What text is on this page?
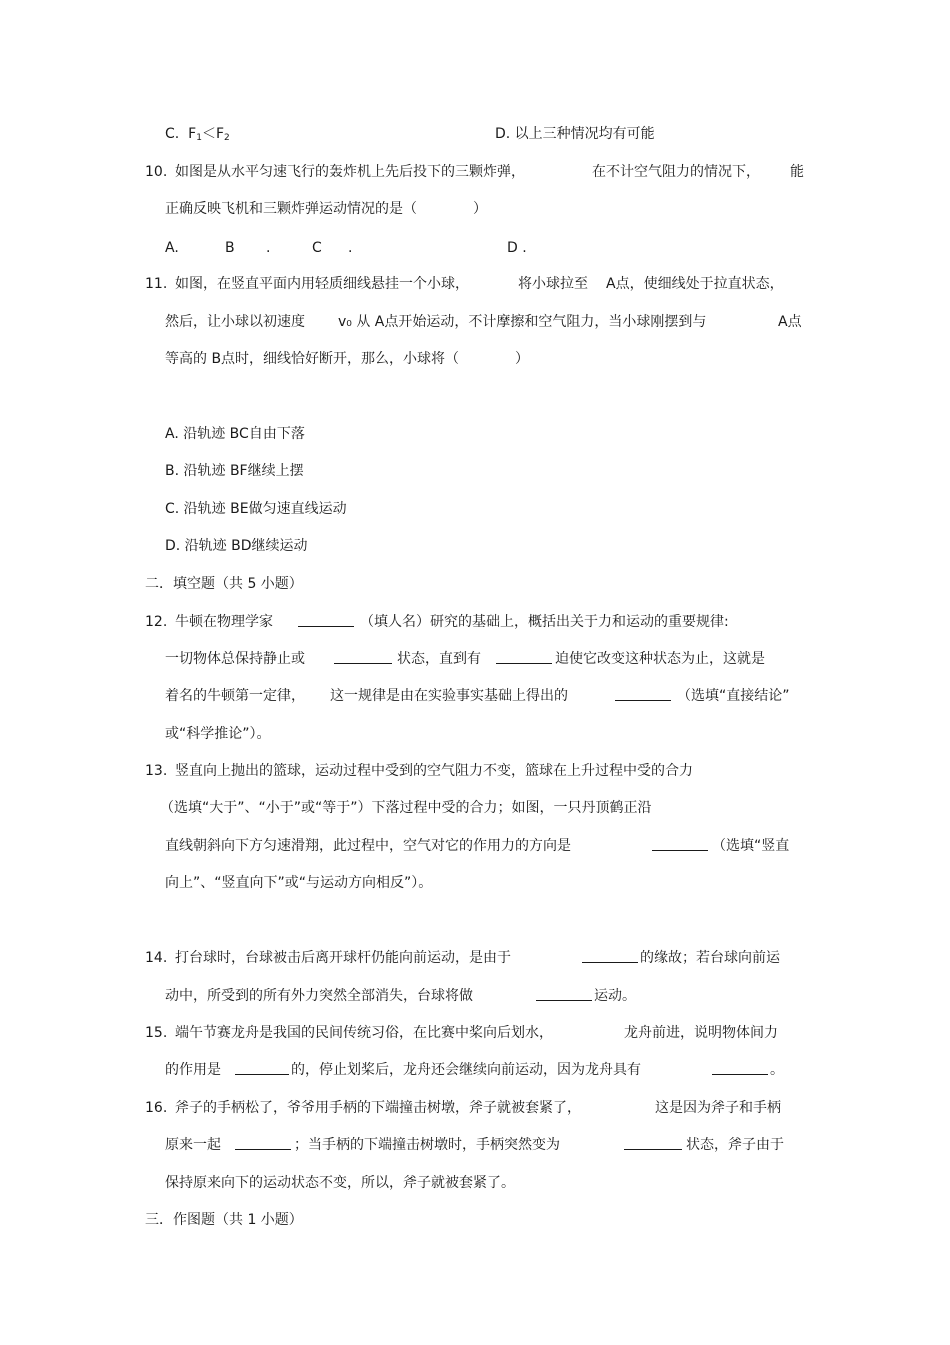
C. $F_1<F_2$	D. 以上三种情况均有可能
10. 如图是从水平匀速飞行的轰炸机上先后投下的三颗炸弹，	在不计空气阻力的情况下， 能
正确反映飞机和三颗炸弹运动情况的是（　　　　）
A.	B .	C .	D .
11. 如图，在竖直平面内用轻质细线悬挂一个小球，	将小球拉至 A点，使细线处于拉直状态，
然后，让小球以初速度 v₀ 从 A点开始运动，不计摩擦和空气阻力，当小球刚摆到与	A点
等高的 B点时，细线恰好断开，那么，小球将（　　　　）
A. 沿轨迹 BC自由下落
B. 沿轨迹 BF继续上摆
C. 沿轨迹 BE做匀速直线运动
D. 沿轨迹 BD继续运动
二．填空题（共 5 小题）
12. 牛顿在物理学家	（填人名）研究的基础上，概括出关于力和运动的重要规律:
一切物体总保持静止或	状态，直到有	迫使它改变这种状态为止，这就是
着名的牛顿第一定律， 这一规律是由在实验事实基础上得出的	（选填“直接结论”
或“科学推论”）。
13. 竖直向上抛出的篮球，运动过程中受到的空气阻力不变，篮球在上升过程中受的合力
（选填“大于”、“小于”或“等于”）下落过程中受的合力；如图，一只丹顶鹤正沿
直线朝斜向下方匀速滑翔，此过程中，空气对它的作用力的方向是	（选填“竖直
向上”、“竖直向下”或“与运动方向相反”）。
14. 打台球时，台球被击后离开球杆仍能向前运动，是由于	的缘故；若台球向前运
动中，所受到的所有外力突然全部消失，台球将做	运动。
15. 端午节赛龙舟是我国的民间传统习俗，在比赛中桨向后划水，	龙舟前进，说明物体间力
的作用是	的，停止划桨后，龙舟还会继续向前运动，因为龙舟具有	。
16. 斧子的手柄松了，爷爷用手柄的下端撞击树墩，斧子就被套紧了，	这是因为斧子和手柄
原来一起	；当手柄的下端撞击树墩时，手柄突然变为	状态，斧子由于
保持原来向下的运动状态不变，所以，斧子就被套紧了。
三．作图题（共 1 小题）
